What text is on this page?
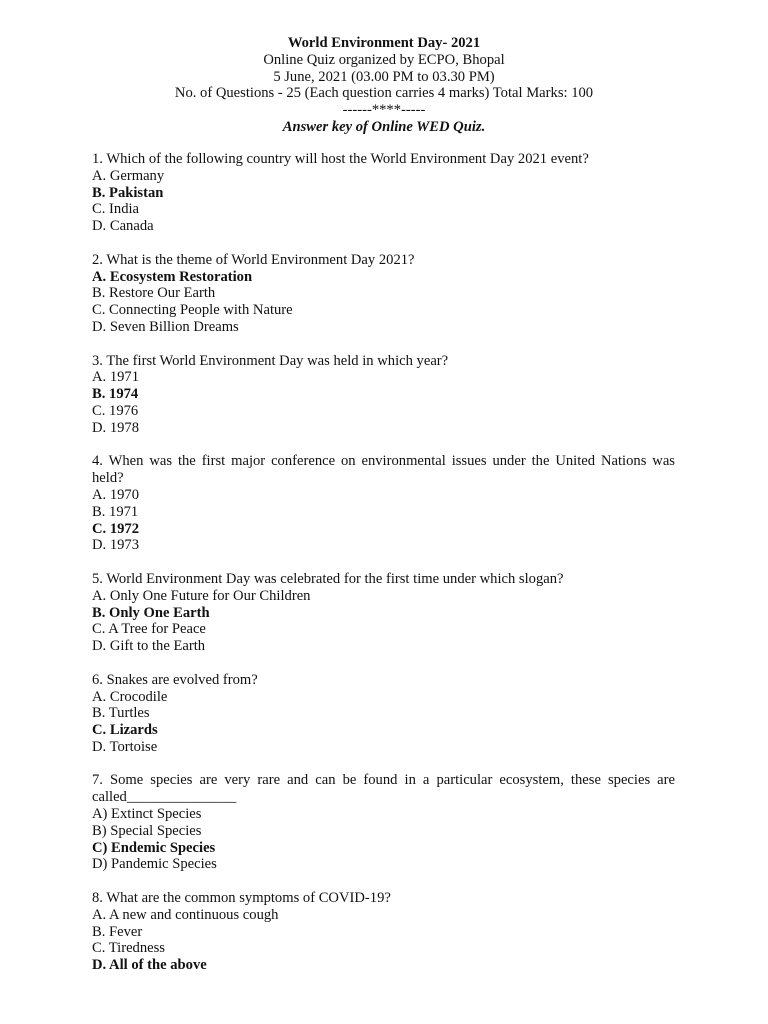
World Environment Day- 2021
Online Quiz organized by ECPO, Bhopal
5 June, 2021 (03.00 PM to 03.30 PM)
No. of Questions - 25 (Each question carries 4 marks) Total Marks: 100
------****-----
Answer key of Online WED Quiz.
1. Which of the following country will host the World Environment Day 2021 event?
A. Germany
B. Pakistan
C. India
D. Canada
2. What is the theme of World Environment Day 2021?
A. Ecosystem Restoration
B. Restore Our Earth
C. Connecting People with Nature
D. Seven Billion Dreams
3. The first World Environment Day was held in which year?
A. 1971
B. 1974
C. 1976
D. 1978
4. When was the first major conference on environmental issues under the United Nations was held?
A. 1970
B. 1971
C. 1972
D. 1973
5. World Environment Day was celebrated for the first time under which slogan?
A. Only One Future for Our Children
B. Only One Earth
C. A Tree for Peace
D. Gift to the Earth
6. Snakes are evolved from?
A. Crocodile
B. Turtles
C. Lizards
D. Tortoise
7. Some species are very rare and can be found in a particular ecosystem, these species are called_______________
A) Extinct Species
B) Special Species
C) Endemic Species
D) Pandemic Species
8. What are the common symptoms of COVID-19?
A. A new and continuous cough
B. Fever
C. Tiredness
D. All of the above
